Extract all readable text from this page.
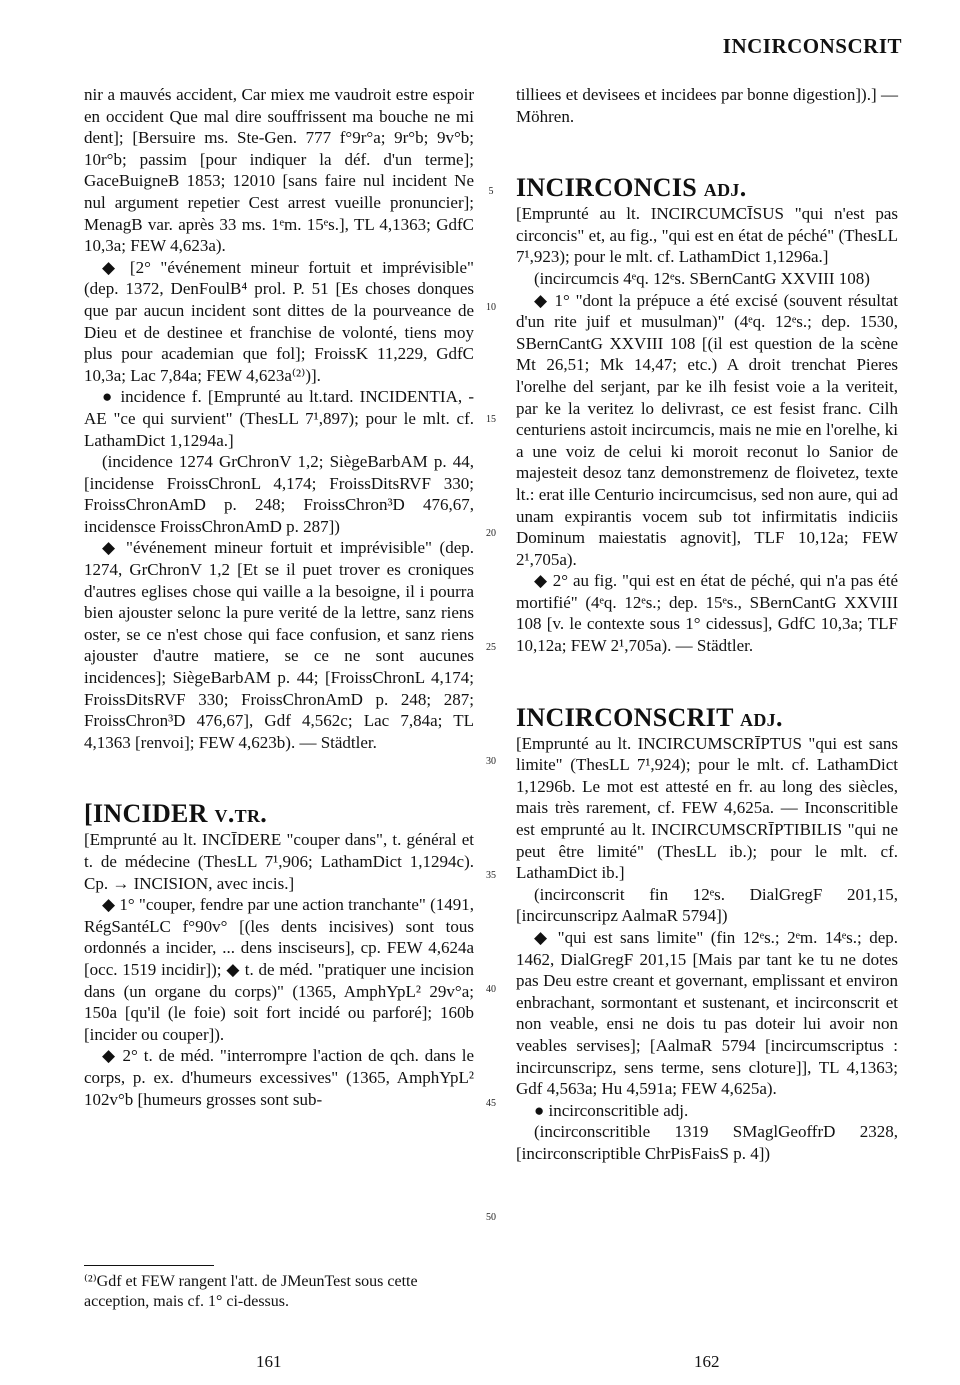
INCIRCONSCRIT

nir a mauvés accident, Car miex me vaudroit estre espoir en occident Que mal dire souffrissent ma bouche ne mi dent]; [Bersuire ms. Ste-Gen. 777 f°9r°a; 9r°b; 9v°b; 10r°b; passim [pour indiquer la déf. d'un terme]; GaceBuigneB 1853; 12010 [sans faire nul incident Ne nul argument repetier Cest arrest vueille pronuncier]; MenagB var. après 33 ms. 1ᵉm. 15ᵉs.], TL 4,1363; GdfC 10,3a; FEW 4,623a).

◆ [2° "événement mineur fortuit et imprévisible" (dep. 1372, DenFoulB⁴ prol. P. 51 [Es choses donques que par aucun incident sont dittes de la pourveance de Dieu et de destinee et franchise de volonté, tiens moy plus pour academian que fol]; FroissK 11,229, GdfC 10,3a; Lac 7,84a; FEW 4,623a⁽²⁾)].

● incidence f. [Emprunté au lt.tard. INCIDENTIA, -AE "ce qui survient" (ThesLL 7¹,897); pour le mlt. cf. LathamDict 1,1294a.]

(incidence 1274 GrChronV 1,2; SiègeBarbAM p. 44, [incidense FroissChronL 4,174; FroissDitsRVF 330; FroissChronAmD p. 248; FroissChron³D 476,67, incidensce FroissChronAmD p. 287])

◆ "événement mineur fortuit et imprévisible" (dep. 1274, GrChronV 1,2 [Et se il puet trover es croniques d'autres eglises chose qui vaille a la besoigne, il i pourra bien ajouster selonc la pure verité de la lettre, sanz riens oster, se ce n'est chose qui face confusion, et sanz riens ajouster d'autre matiere, se ce ne sont aucunes incidences]; SiègeBarbAM p. 44; [FroissChronL 4,174; FroissDitsRVF 330; FroissChronAmD p. 248; 287; FroissChron³D 476,67], Gdf 4,562c; Lac 7,84a; TL 4,1363 [renvoi]; FEW 4,623b). — Städtler.

[INCIDER v.tr.

[Emprunté au lt. INCĪDERE "couper dans", t. général et t. de médecine (ThesLL 7¹,906; LathamDict 1,1294c). Cp. → INCISION, avec incis.]

◆ 1° "couper, fendre par une action tranchante" (1491, RégSantéLC f°90v° [(les dents incisives) sont tous ordonnés a incider, ... dens insciseurs], cp. FEW 4,624a [occ. 1519 incidir]); ◆ t. de méd. "pratiquer une incision dans (un organe du corps)" (1365, AmphYpL² 29v°a; 150a [qu'il (le foie) soit fort incidé ou parforé]; 160b [incider ou couper]).

◆ 2° t. de méd. "interrompre l'action de qch. dans le corps, p. ex. d'humeurs excessives" (1365, AmphYpL² 102v°b [humeurs grosses sont sub-

5
10
15
20
25
30
35
40
45
50

tilliees et devisees et incidees par bonne digestion]).] — Möhren.

INCIRCONCIS adj.

[Emprunté au lt. INCIRCUMCĪSUS "qui n'est pas circoncis" et, au fig., "qui est en état de péché" (ThesLL 7¹,923); pour le mlt. cf. LathamDict 1,1296a.]

(incircumcis 4ᵉq. 12ᵉs. SBernCantG XXVIII 108)

◆ 1° "dont la prépuce a été excisé (souvent résultat d'un rite juif et musulman)" (4ᵉq. 12ᵉs.; dep. 1530, SBernCantG XXVIII 108 [(il est question de la scène Mt 26,51; Mk 14,47; etc.) A droit trenchat Pieres l'orelhe del serjant, par ke ilh fesist voie a la veriteit, par ke la veritez lo delivrast, ce est fesist franc. Cilh centuriens astoit incircumcis, mais ne mie en l'orelhe, ki a une voiz de celui ki moroit reconut lo Sanior de majesteit desoz tanz demonstremenz de floivetez, texte lt.: erat ille Centurio incircumcisus, sed non aure, qui ad unam expirantis vocem sub tot infirmitatis indiciis Dominum maiestatis agnovit], TLF 10,12a; FEW 2¹,705a).

◆ 2° au fig. "qui est en état de péché, qui n'a pas été mortifié" (4ᵉq. 12ᵉs.; dep. 15ᵉs., SBernCantG XXVIII 108 [v. le contexte sous 1° cidessus], GdfC 10,3a; TLF 10,12a; FEW 2¹,705a). — Städtler.

INCIRCONSCRIT adj.

[Emprunté au lt. INCIRCUMSCRĪPTUS "qui est sans limite" (ThesLL 7¹,924); pour le mlt. cf. LathamDict 1,1296b. Le mot est attesté en fr. au long des siècles, mais très rarement, cf. FEW 4,625a. — Inconscritible est emprunté au lt. INCIRCUMSCRĪPTIBILIS "qui ne peut être limité" (ThesLL ib.); pour le mlt. cf. LathamDict ib.]

(incirconscrit fin 12ᵉs. DialGregF 201,15, [incircunscripz AalmaR 5794])

◆ "qui est sans limite" (fin 12ᵉs.; 2ᵉm. 14ᵉs.; dep. 1462, DialGregF 201,15 [Mais par tant ke tu ne dotes pas Deu estre creant et governant, emplissant et environ enbrachant, sormontant et sustenant, et incirconscrit et non veable, ensi ne dois tu pas doteir lui avoir non veables servises]; [AalmaR 5794 [incircumscriptus : incircunscripz, sens terme, sens cloture]], TL 4,1363; Gdf 4,563a; Hu 4,591a; FEW 4,625a).

● incirconscritible adj.

(incirconscritible 1319 SMaglGeoffrD 2328, [incirconscriptible ChrPisFaisS p. 4])

⁽²⁾Gdf et FEW rangent l'att. de JMeunTest sous cette acception, mais cf. 1° ci-dessus.
161	162
